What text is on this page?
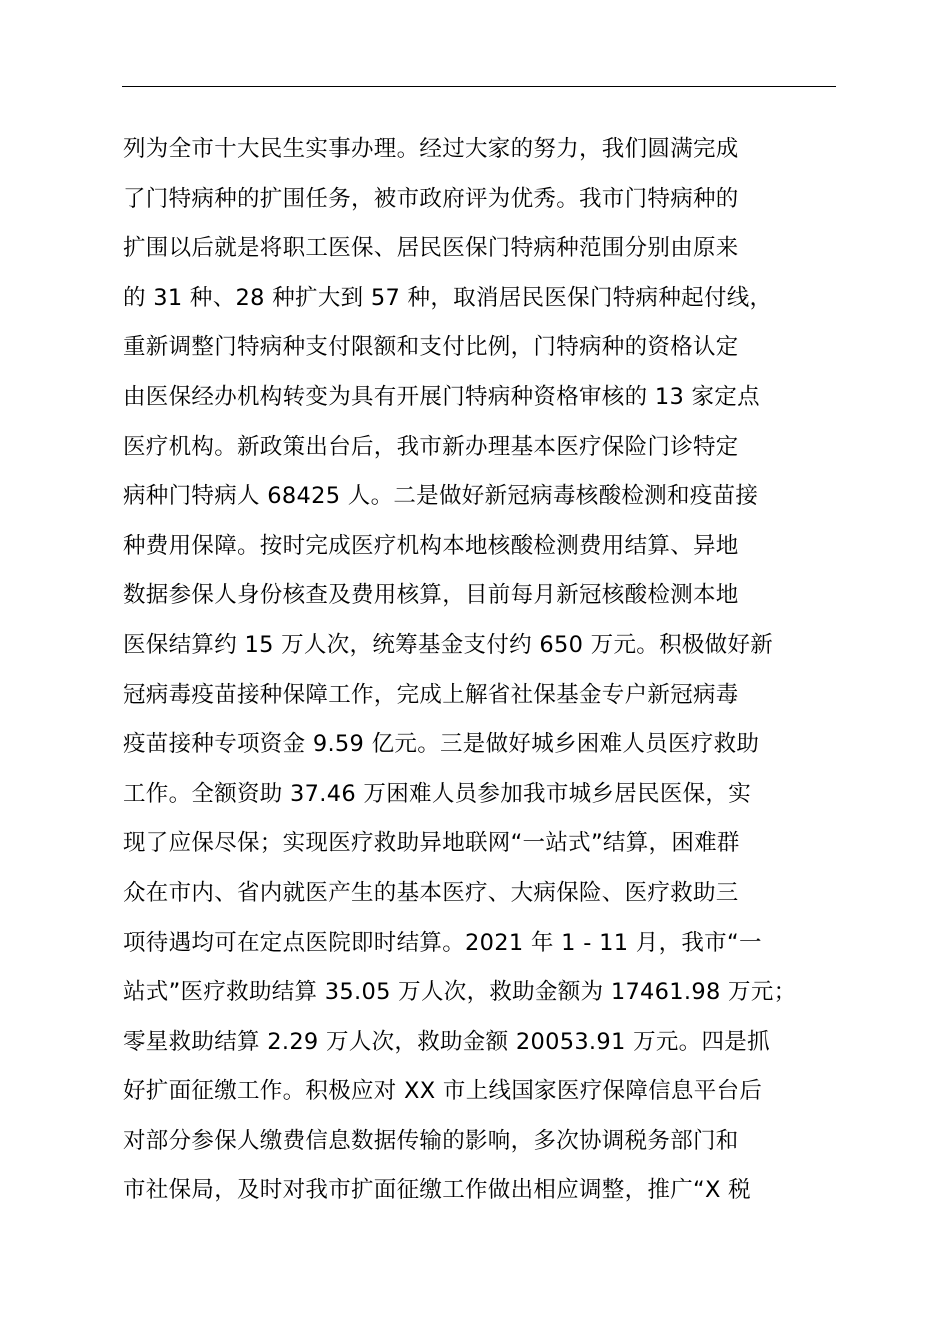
列为全市十大民生实事办理。经过大家的努力，我们圆满完成
了门特病种的扩围任务，被市政府评为优秀。我市门特病种的
扩围以后就是将职工医保、居民医保门特病种范围分别由原来
的 31 种、28 种扩大到 57 种，取消居民医保门特病种起付线，
重新调整门特病种支付限额和支付比例，门特病种的资格认定
由医保经办机构转变为具有开展门特病种资格审核的 13 家定点
医疗机构。新政策出台后，我市新办理基本医疗保险门诊特定
病种门特病人 68425 人。二是做好新冠病毒核酸检测和疫苗接
种费用保障。按时完成医疗机构本地核酸检测费用结算、异地
数据参保人身份核查及费用核算，目前每月新冠核酸检测本地
医保结算约 15 万人次，统筹基金支付约 650 万元。积极做好新
冠病毒疫苗接种保障工作，完成上解省社保基金专户新冠病毒
疫苗接种专项资金 9.59 亿元。三是做好城乡困难人员医疗救助
工作。全额资助 37.46 万困难人员参加我市城乡居民医保，实
现了应保尽保；实现医疗救助异地联网“一站式”结算，困难群
众在市内、省内就医产生的基本医疗、大病保险、医疗救助三
项待遇均可在定点医院即时结算。2021 年 1 - 11 月，我市“一
站式”医疗救助结算 35.05 万人次，救助金额为 17461.98 万元；
零星救助结算 2.29 万人次，救助金额 20053.91 万元。四是抓
好扩面征缴工作。积极应对 XX 市上线国家医疗保障信息平台后
对部分参保人缴费信息数据传输的影响，多次协调税务部门和
市社保局，及时对我市扩面征缴工作做出相应调整，推广“X 税
